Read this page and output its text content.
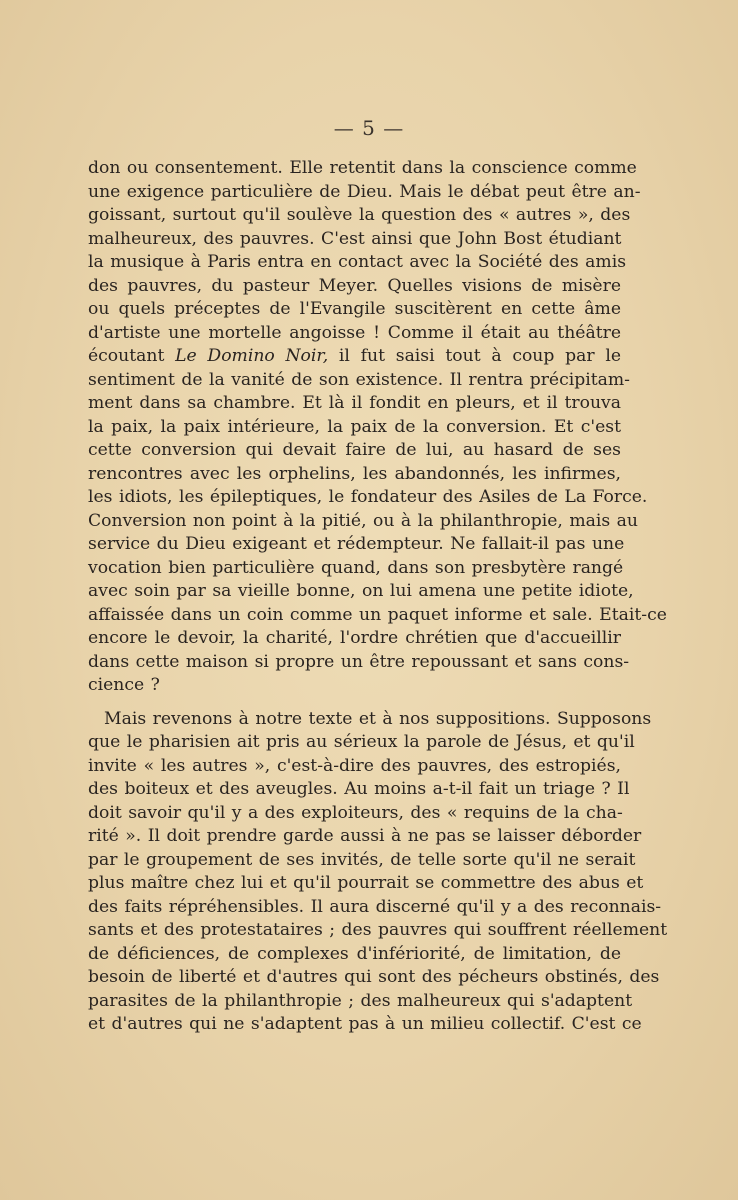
— 5 —
don ou consentement. Elle retentit dans la conscience comme
une exigence particulière de Dieu. Mais le débat peut être an-
goissant, surtout qu'il soulève la question des « autres », des
malheureux, des pauvres. C'est ainsi que John Bost étudiant
la musique à Paris entra en contact avec la Société des amis
des pauvres, du pasteur Meyer. Quelles visions de misère
ou quels préceptes de l'Evangile suscitèrent en cette âme
d'artiste une mortelle angoisse ! Comme il était au théâtre
écoutant Le Domino Noir, il fut saisi tout à coup par le
sentiment de la vanité de son existence. Il rentra précipitam-
ment dans sa chambre. Et là il fondit en pleurs, et il trouva
la paix, la paix intérieure, la paix de la conversion. Et c'est
cette conversion qui devait faire de lui, au hasard de ses
rencontres avec les orphelins, les abandonnés, les infirmes,
les idiots, les épileptiques, le fondateur des Asiles de La Force.
Conversion non point à la pitié, ou à la philanthropie, mais au
service du Dieu exigeant et rédempteur. Ne fallait-il pas une
vocation bien particulière quand, dans son presbytère rangé
avec soin par sa vieille bonne, on lui amena une petite idiote,
affaissée dans un coin comme un paquet informe et sale. Etait-ce
encore le devoir, la charité, l'ordre chrétien que d'accueillir
dans cette maison si propre un être repoussant et sans cons-
cience ?
Mais revenons à notre texte et à nos suppositions. Supposons
que le pharisien ait pris au sérieux la parole de Jésus, et qu'il
invite « les autres », c'est-à-dire des pauvres, des estropiés,
des boiteux et des aveugles. Au moins a-t-il fait un triage ? Il
doit savoir qu'il y a des exploiteurs, des « requins de la cha-
rité ». Il doit prendre garde aussi à ne pas se laisser déborder
par le groupement de ses invités, de telle sorte qu'il ne serait
plus maître chez lui et qu'il pourrait se commettre des abus et
des faits répréhensibles. Il aura discerné qu'il y a des reconnais-
sants et des protestataires ; des pauvres qui souffrent réellement
de déficiences, de complexes d'infériorité, de limitation, de
besoin de liberté et d'autres qui sont des pécheurs obstinés, des
parasites de la philanthropie ; des malheureux qui s'adaptent
et d'autres qui ne s'adaptent pas à un milieu collectif. C'est ce
